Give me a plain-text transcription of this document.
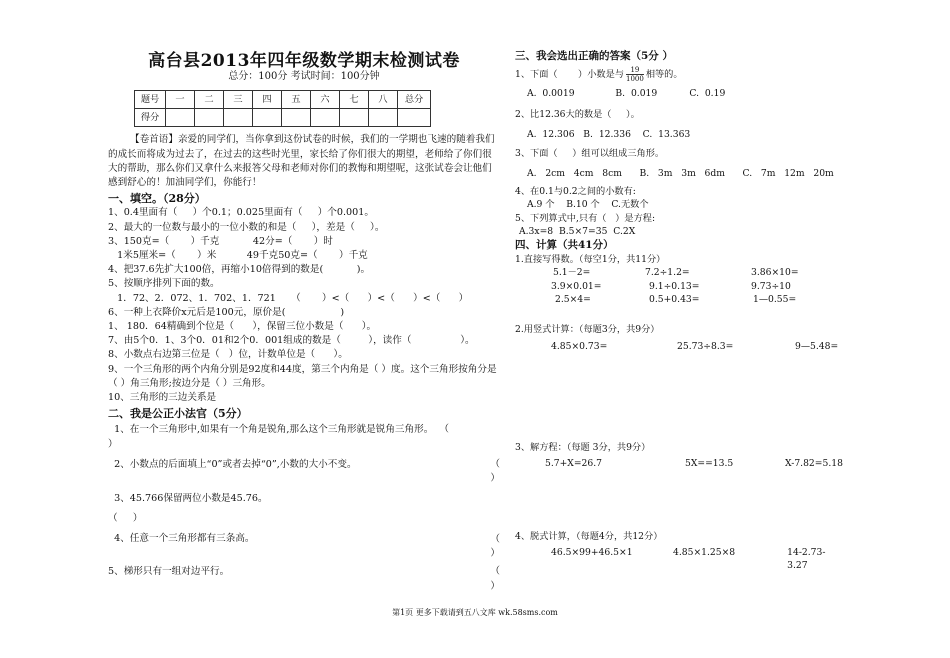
高台县2013年四年级数学期末检测试卷
总分：100分 考试时间：100分钟
题号	一	二	三	四	五	六	七	八	总分
得分									
【卷首语】亲爱的同学们，当你拿到这份试卷的时候，我们的一学期也飞速的随着我们的成长而将成为过去了，在过去的这些时光里，家长给了你们很大的期望，老师给了你们很大的帮助，那么你们又拿什么来报答父母和老师对你们的教悔和期望呢，这张试卷会让他们感到舒心的！加油同学们，你能行！
一、填空。（28分）
1、0.4里面有（     ）个0.1；0.025里面有（     ）个0.001。
2、最大的一位数与最小的一位小数的和是（     ），差是（     ）。
3、150克=（       ）千克           42分=（       ）时
1米5厘米=（       ）米          49千克50克=（       ）千克
4、把37.6先扩大100倍，再缩小10倍得到的数是(           )。
5、按顺序排列下面的数。
1．72、2．072、1．702、1．721     （       ）<（      ）<（      ）<（      ）
6、一种上衣降价x元后是100元，原价是(                  )
1、 180．64精确到个位是（      ），保留三位小数是（      ）。
7、由5个0．1、3个0．01和2个0．001组成的数是（         ），读作（                ）。
8、小数点右边第三位是（   ）位，计数单位是（      ）。
9、一个三角形的两个内角分别是92度和44度，第三个内角是（ ）度。这个三角形按角分是（ ）角三角形;按边分是（ ）三角形。
10、三角形的三边关系是
二、我是公正小法官（5分）
1、在一个三角形中,如果有一个角是锐角,那么这个三角形就是锐角三角形。  （
）
2、小数点的后面填上“0”或者去掉“0”,小数的大小不变。	（
）
3、45.766保留两位小数是45.76。
（     ）
4、任意一个三角形都有三条高。	（
）
5、梯形只有一组对边平行。	（
）
三、我会选出正确的答案（5分 ）
1、下面（       ）小数是与 $\frac{19}{1000}$ 相等的。
A.  0.0019              B.  0.019           C.  0.19
2、比12.36大的数是（     ）。
A.  12.306   B.  12.336    C.  13.363
3、下面（     ）组可以组成三角形。
A.   2cm   4cm   8cm      B.   3m   3m   6dm      C.   7m   12m   20m
4、在0.1与0.2之间的小数有:
A.9 个    B.10 个    C.无数个
5、下列算式中,只有（   ）是方程:
A.3x=8  B.5×7=35  C.2X
四、计算（共41分）
1.直接写得数。（每空1分，共11分）
5.1－2=	7.2÷1.2=	3.86×10=
3.9×0.01=	9.1÷0.13=	9.73÷10
2.5×4=	0.5+0.43=	1—0.55=
2.用竖式计算：（每题3分，共9分）
4.85×0.73=	25.73÷8.3=	9—5.48=
3、解方程：（每题 3分，共9分）
5.7+X=26.7	5X==13.5	X-7.82=5.18
4、脱式计算，（每题4分，共12分）
46.5×99+46.5×1	4.85×1.25×8	14-2.73-3.27
第1页 更多下载请到五八文库 wk.58sms.com
